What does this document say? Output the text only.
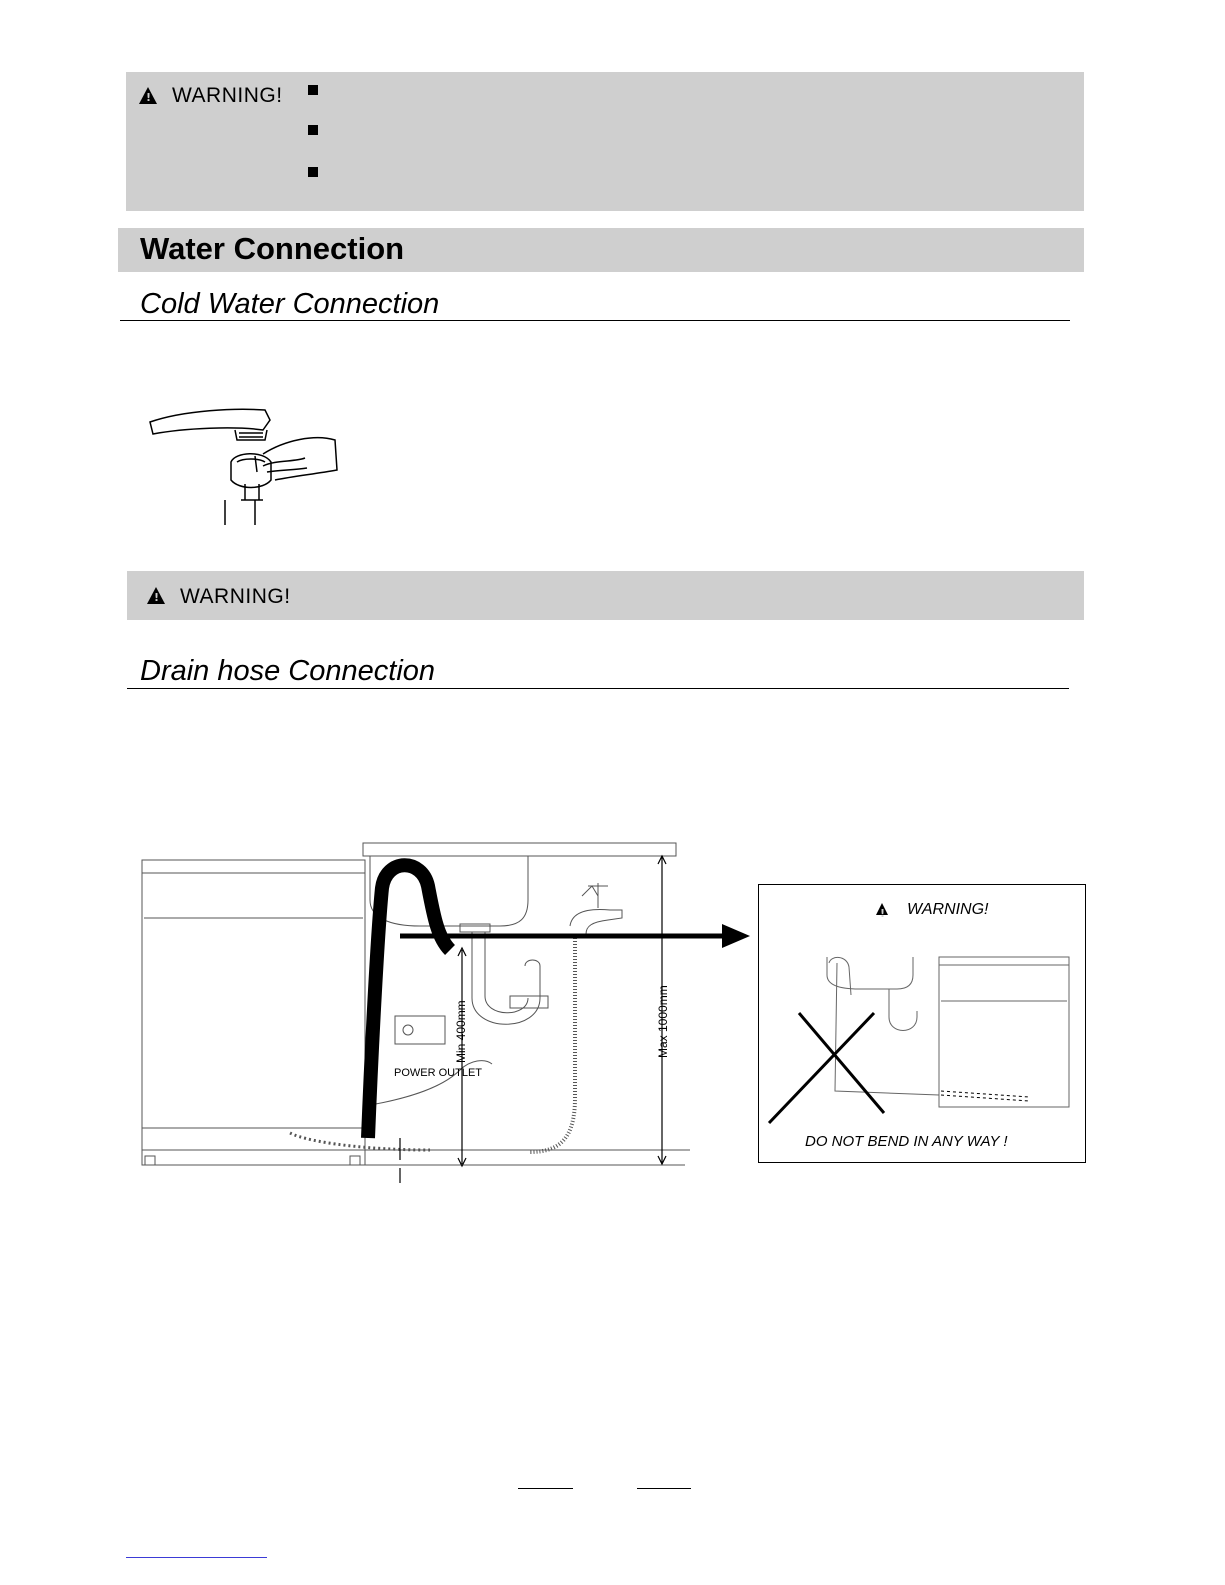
!
WARNING!
Water Connection
Cold Water Connection
!
WARNING!
Drain hose Connection
Min 400mm	Max 1000mm
POWER OUTLET
!
WARNING!
DO NOT BEND IN ANY WAY !
